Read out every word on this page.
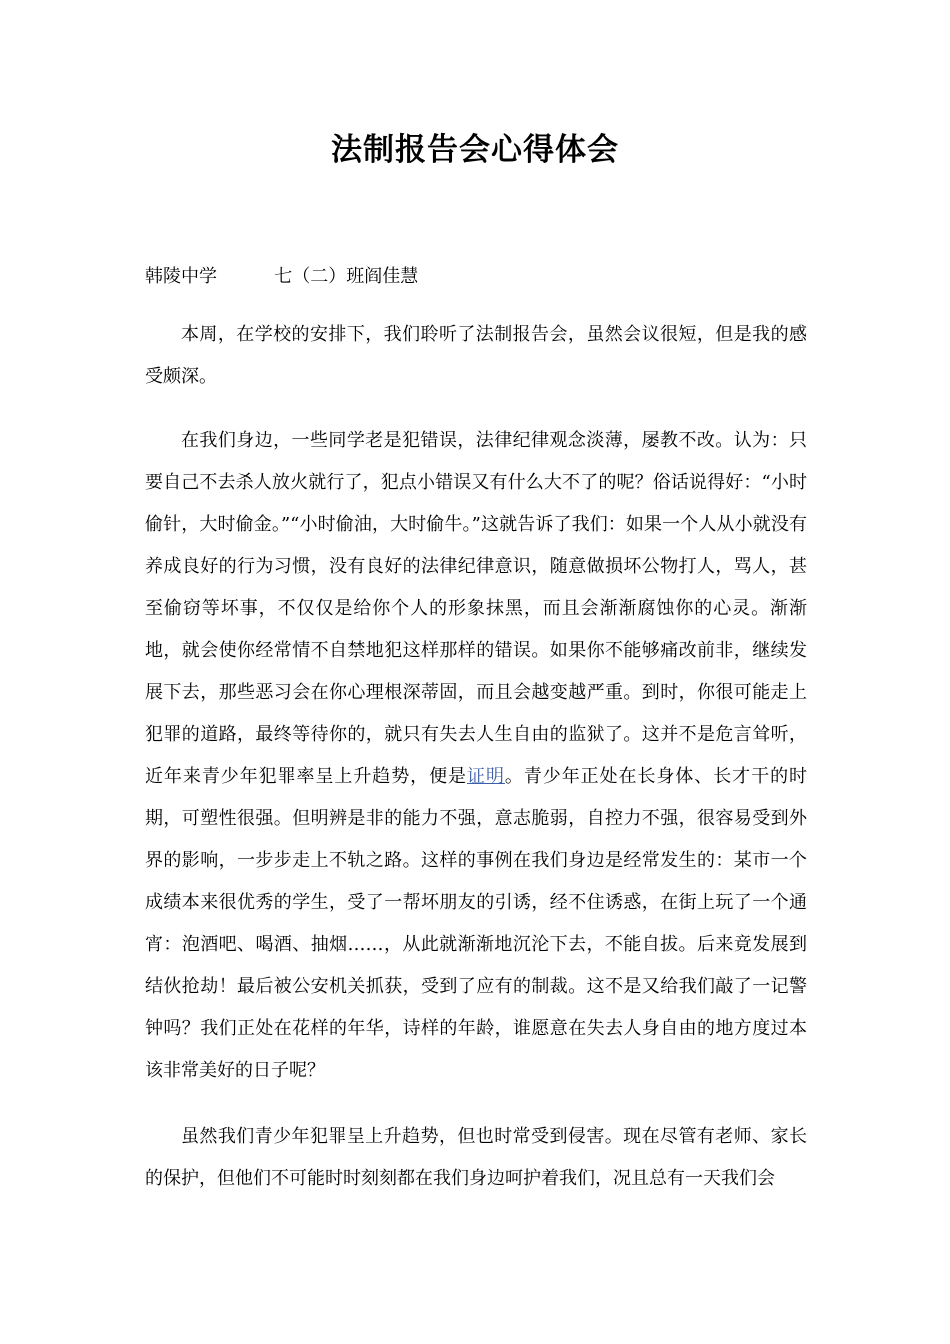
法制报告会心得体会
韩陵中学          七（二）班阎佳慧

本周，在学校的安排下，我们聆听了法制报告会，虽然会议很短，但是我的感受颇深。

在我们身边，一些同学老是犯错误，法律纪律观念淡薄，屡教不改。认为：只要自己不去杀人放火就行了，犯点小错误又有什么大不了的呢？俗话说得好：“小时偷针，大时偷金。”“小时偷油，大时偷牛。”这就告诉了我们：如果一个人从小就没有养成良好的行为习惯，没有良好的法律纪律意识，随意做损坏公物打人，骂人，甚至偷窃等坏事，不仅仅是给你个人的形象抹黑，而且会渐渐腐蚀你的心灵。渐渐地，就会使你经常情不自禁地犯这样那样的错误。如果你不能够痛改前非，继续发展下去，那些恶习会在你心理根深蒂固，而且会越变越严重。到时，你很可能走上犯罪的道路，最终等待你的，就只有失去人生自由的监狱了。这并不是危言耸听，近年来青少年犯罪率呈上升趋势，便是证明。青少年正处在长身体、长才干的时期，可塑性很强。但明辨是非的能力不强，意志脆弱，自控力不强，很容易受到外界的影响，一步步走上不轨之路。这样的事例在我们身边是经常发生的：某市一个成绩本来很优秀的学生，受了一帮坏朋友的引诱，经不住诱惑，在街上玩了一个通宵：泡酒吧、喝酒、抽烟……，从此就渐渐地沉沦下去，不能自拔。后来竟发展到结伙抢劫！最后被公安机关抓获，受到了应有的制裁。这不是又给我们敲了一记警钟吗？我们正处在花样的年华，诗样的年龄，谁愿意在失去人身自由的地方度过本该非常美好的日子呢？

虽然我们青少年犯罪呈上升趋势，但也时常受到侵害。现在尽管有老师、家长的保护，但他们不可能时时刻刻都在我们身边呵护着我们，况且总有一天我们会
